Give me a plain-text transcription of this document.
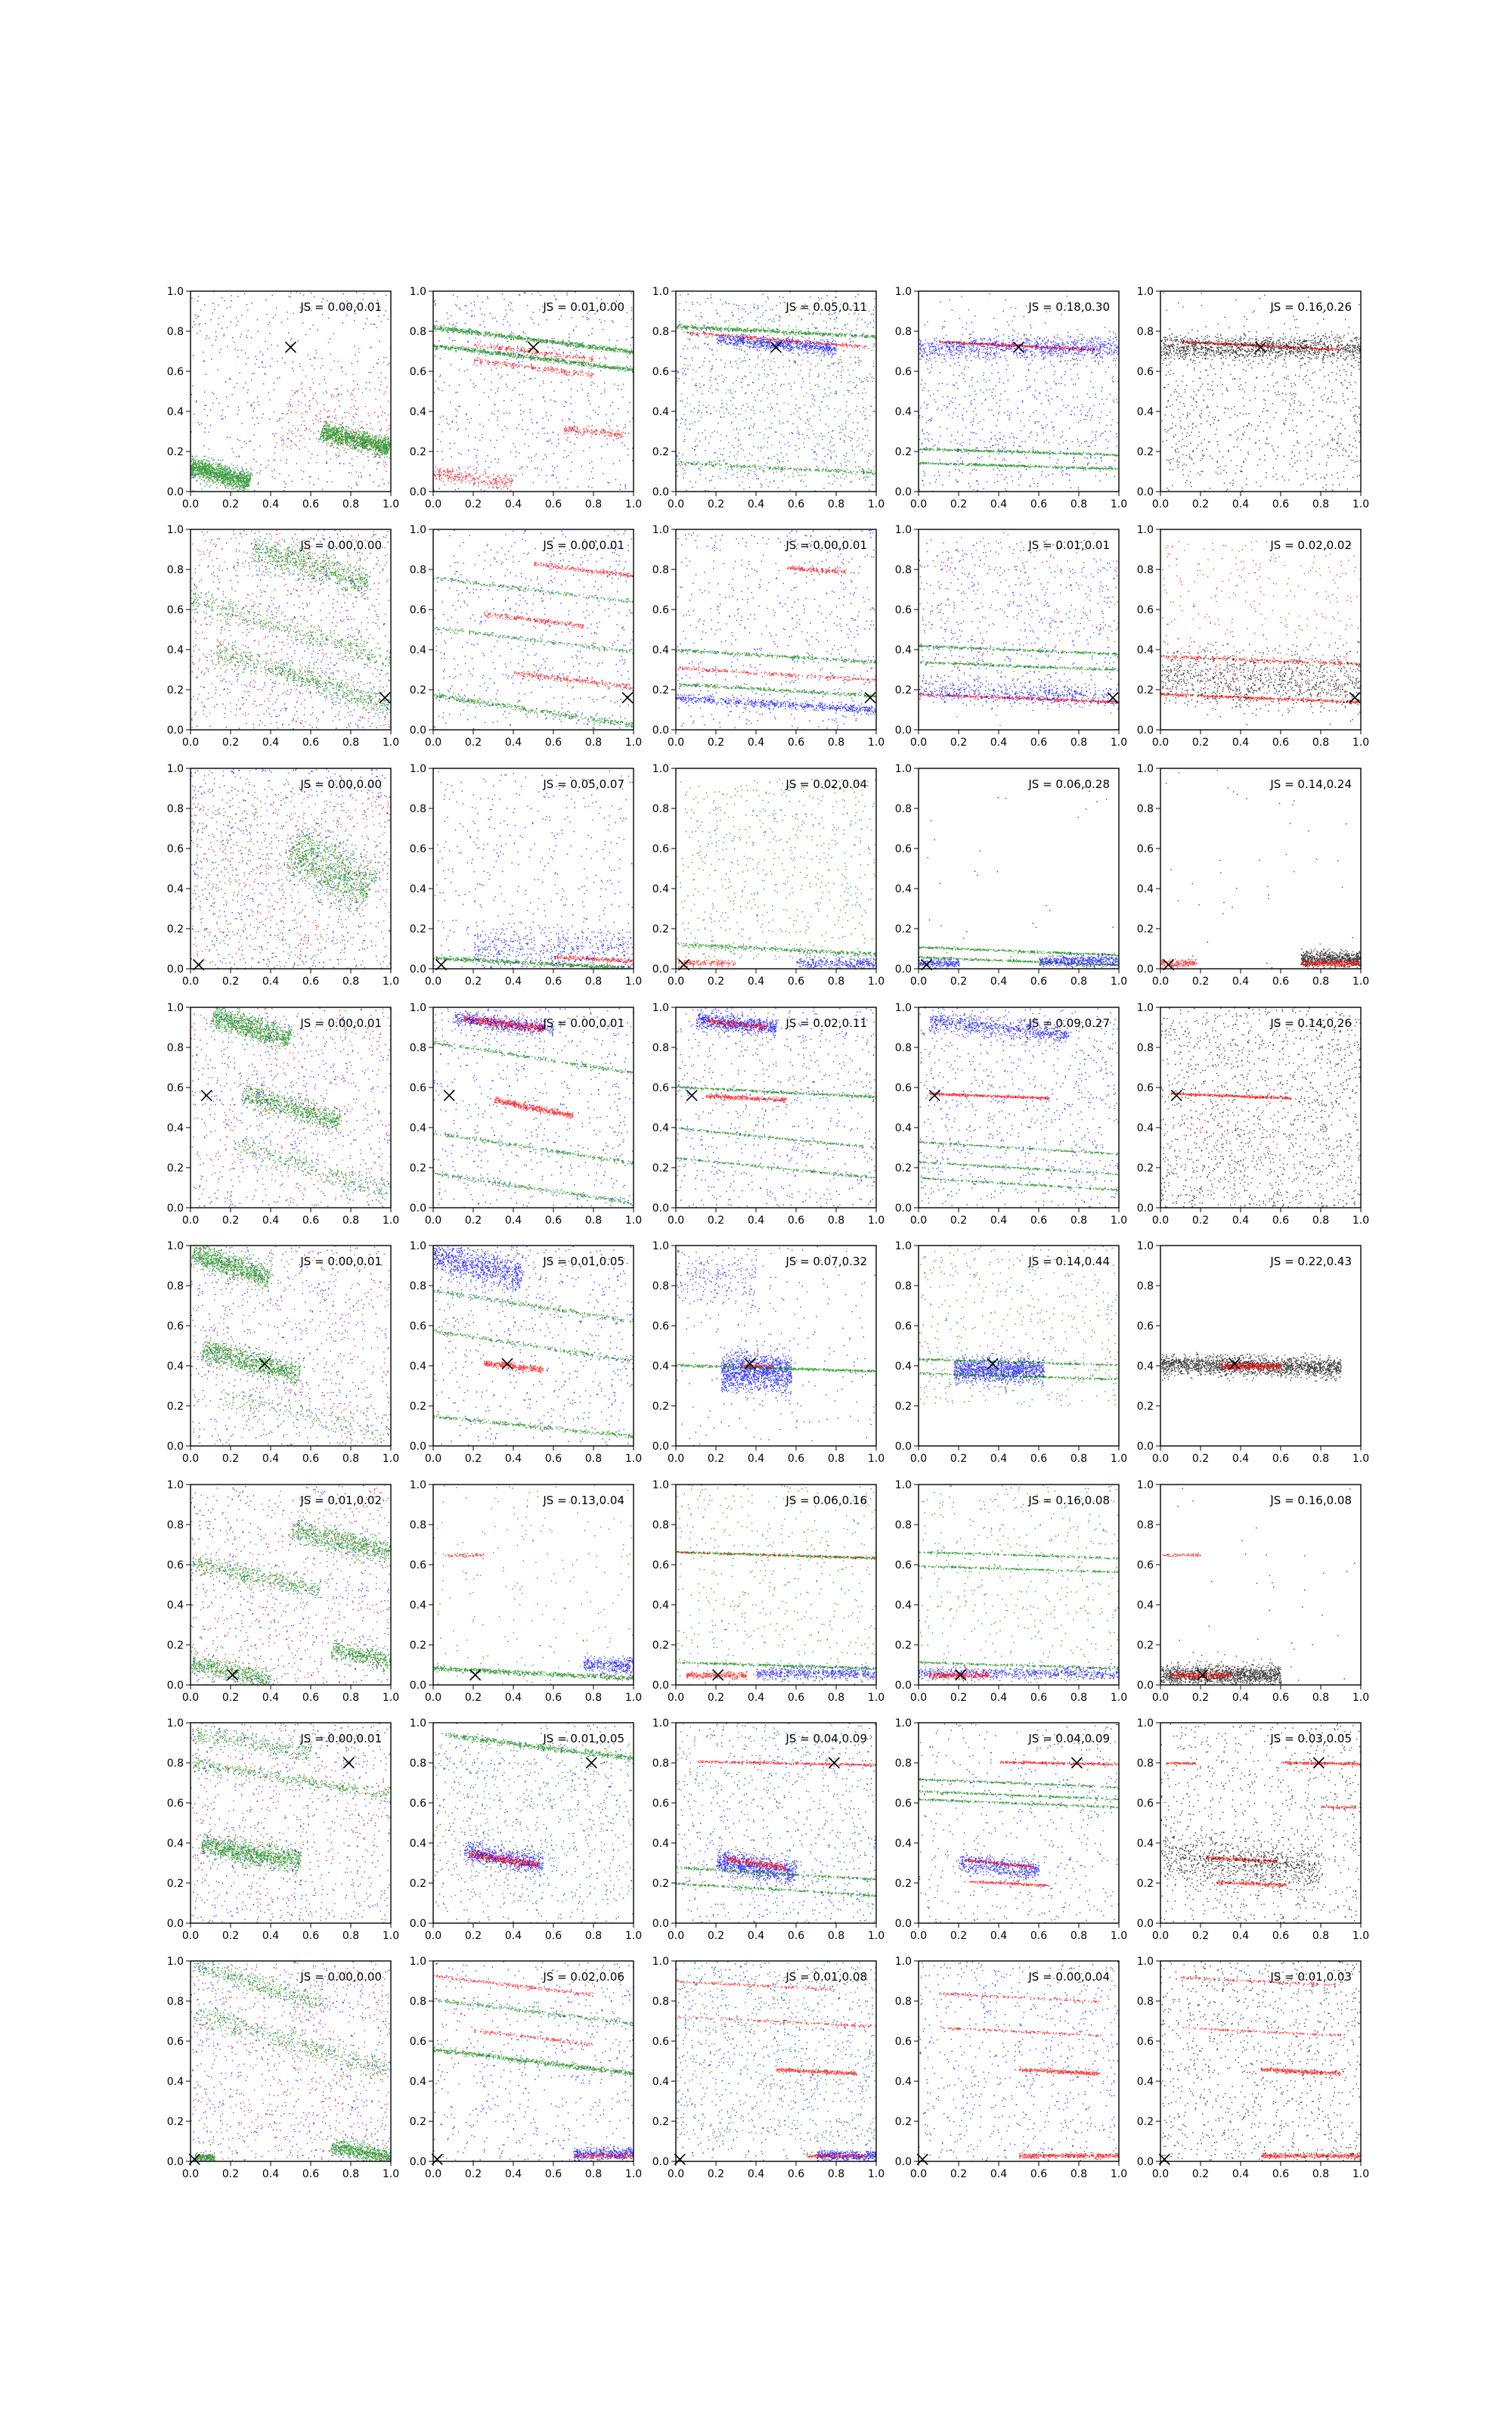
0.0
0.0
0.2
0.2
0.4
0.4
0.6
0.6
0.8
0.8
1.0
1.0
JS = 0.00,0.01
0.0
0.0
0.2
0.2
0.4
0.4
0.6
0.6
0.8
0.8
1.0
1.0
JS = 0.01,0.00
0.0
0.0
0.2
0.2
0.4
0.4
0.6
0.6
0.8
0.8
1.0
1.0
JS = 0.05,0.11
0.0
0.0
0.2
0.2
0.4
0.4
0.6
0.6
0.8
0.8
1.0
1.0
JS = 0.18,0.30
0.0
0.0
0.2
0.2
0.4
0.4
0.6
0.6
0.8
0.8
1.0
1.0
JS = 0.16,0.26
0.0
0.0
0.2
0.2
0.4
0.4
0.6
0.6
0.8
0.8
1.0
1.0
JS = 0.00,0.00
0.0
0.0
0.2
0.2
0.4
0.4
0.6
0.6
0.8
0.8
1.0
1.0
JS = 0.00,0.01
0.0
0.0
0.2
0.2
0.4
0.4
0.6
0.6
0.8
0.8
1.0
1.0
JS = 0.00,0.01
0.0
0.0
0.2
0.2
0.4
0.4
0.6
0.6
0.8
0.8
1.0
1.0
JS = 0.01,0.01
0.0
0.0
0.2
0.2
0.4
0.4
0.6
0.6
0.8
0.8
1.0
1.0
JS = 0.02,0.02
0.0
0.0
0.2
0.2
0.4
0.4
0.6
0.6
0.8
0.8
1.0
1.0
JS = 0.00,0.00
0.0
0.0
0.2
0.2
0.4
0.4
0.6
0.6
0.8
0.8
1.0
1.0
JS = 0.05,0.07
0.0
0.0
0.2
0.2
0.4
0.4
0.6
0.6
0.8
0.8
1.0
1.0
JS = 0.02,0.04
0.0
0.0
0.2
0.2
0.4
0.4
0.6
0.6
0.8
0.8
1.0
1.0
JS = 0.06,0.28
0.0
0.0
0.2
0.2
0.4
0.4
0.6
0.6
0.8
0.8
1.0
1.0
JS = 0.14,0.24
0.0
0.0
0.2
0.2
0.4
0.4
0.6
0.6
0.8
0.8
1.0
1.0
JS = 0.00,0.01
0.0
0.0
0.2
0.2
0.4
0.4
0.6
0.6
0.8
0.8
1.0
1.0
JS = 0.00,0.01
0.0
0.0
0.2
0.2
0.4
0.4
0.6
0.6
0.8
0.8
1.0
1.0
JS = 0.02,0.11
0.0
0.0
0.2
0.2
0.4
0.4
0.6
0.6
0.8
0.8
1.0
1.0
JS = 0.09,0.27
0.0
0.0
0.2
0.2
0.4
0.4
0.6
0.6
0.8
0.8
1.0
1.0
JS = 0.14,0.26
0.0
0.0
0.2
0.2
0.4
0.4
0.6
0.6
0.8
0.8
1.0
1.0
JS = 0.00,0.01
0.0
0.0
0.2
0.2
0.4
0.4
0.6
0.6
0.8
0.8
1.0
1.0
JS = 0.01,0.05
0.0
0.0
0.2
0.2
0.4
0.4
0.6
0.6
0.8
0.8
1.0
1.0
JS = 0.07,0.32
0.0
0.0
0.2
0.2
0.4
0.4
0.6
0.6
0.8
0.8
1.0
1.0
JS = 0.14,0.44
0.0
0.0
0.2
0.2
0.4
0.4
0.6
0.6
0.8
0.8
1.0
1.0
JS = 0.22,0.43
0.0
0.0
0.2
0.2
0.4
0.4
0.6
0.6
0.8
0.8
1.0
1.0
JS = 0.01,0.02
0.0
0.0
0.2
0.2
0.4
0.4
0.6
0.6
0.8
0.8
1.0
1.0
JS = 0.13,0.04
0.0
0.0
0.2
0.2
0.4
0.4
0.6
0.6
0.8
0.8
1.0
1.0
JS = 0.06,0.16
0.0
0.0
0.2
0.2
0.4
0.4
0.6
0.6
0.8
0.8
1.0
1.0
JS = 0.16,0.08
0.0
0.0
0.2
0.2
0.4
0.4
0.6
0.6
0.8
0.8
1.0
1.0
JS = 0.16,0.08
0.0
0.0
0.2
0.2
0.4
0.4
0.6
0.6
0.8
0.8
1.0
1.0
JS = 0.00,0.01
0.0
0.0
0.2
0.2
0.4
0.4
0.6
0.6
0.8
0.8
1.0
1.0
JS = 0.01,0.05
0.0
0.0
0.2
0.2
0.4
0.4
0.6
0.6
0.8
0.8
1.0
1.0
JS = 0.04,0.09
0.0
0.0
0.2
0.2
0.4
0.4
0.6
0.6
0.8
0.8
1.0
1.0
JS = 0.04,0.09
0.0
0.0
0.2
0.2
0.4
0.4
0.6
0.6
0.8
0.8
1.0
1.0
JS = 0.03,0.05
0.0
0.0
0.2
0.2
0.4
0.4
0.6
0.6
0.8
0.8
1.0
1.0
JS = 0.00,0.00
0.0
0.0
0.2
0.2
0.4
0.4
0.6
0.6
0.8
0.8
1.0
1.0
JS = 0.02,0.06
0.0
0.0
0.2
0.2
0.4
0.4
0.6
0.6
0.8
0.8
1.0
1.0
JS = 0.01,0.08
0.0
0.0
0.2
0.2
0.4
0.4
0.6
0.6
0.8
0.8
1.0
1.0
JS = 0.00,0.04
0.0
0.0
0.2
0.2
0.4
0.4
0.6
0.6
0.8
0.8
1.0
1.0
JS = 0.01,0.03
